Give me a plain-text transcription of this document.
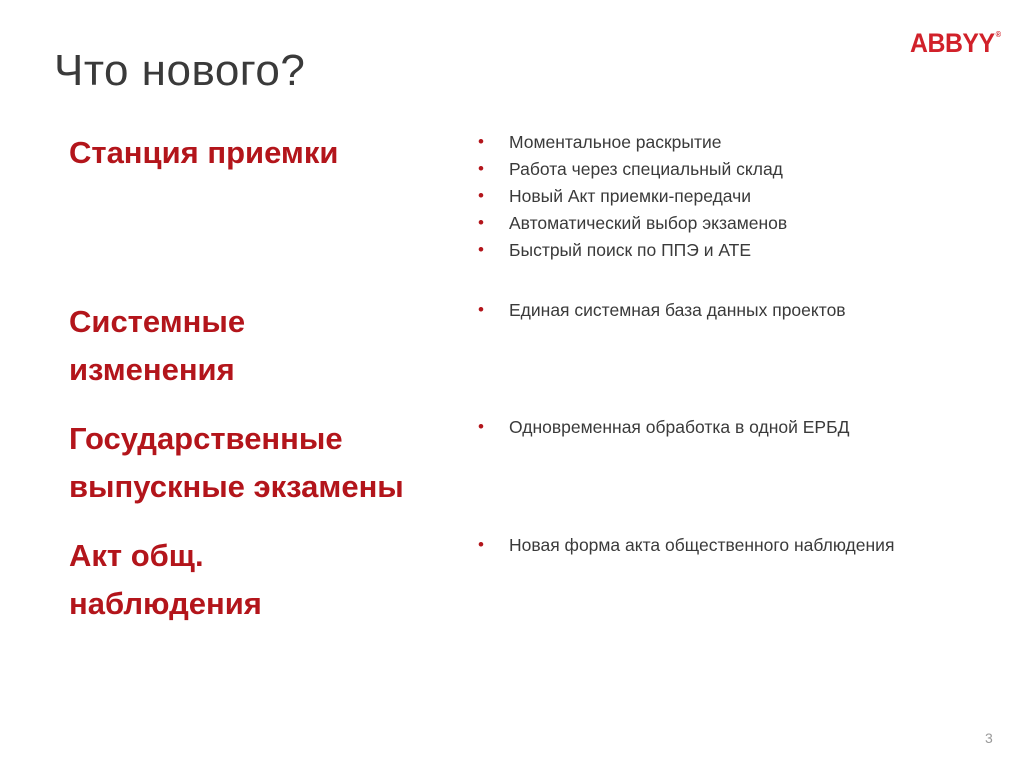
Что нового?
ABBYY®
Станция приемки	• Моментальное раскрытие
• Работа через специальный склад
• Новый Акт приемки-передачи
• Автоматический выбор экзаменов
• Быстрый поиск по ППЭ и АТЕ
Системные изменения
• Единая системная база данных проектов
Государственные выпускные экзамены
• Одновременная обработка в одной ЕРБД
Акт общ. наблюдения
• Новая форма акта общественного наблюдения
3
